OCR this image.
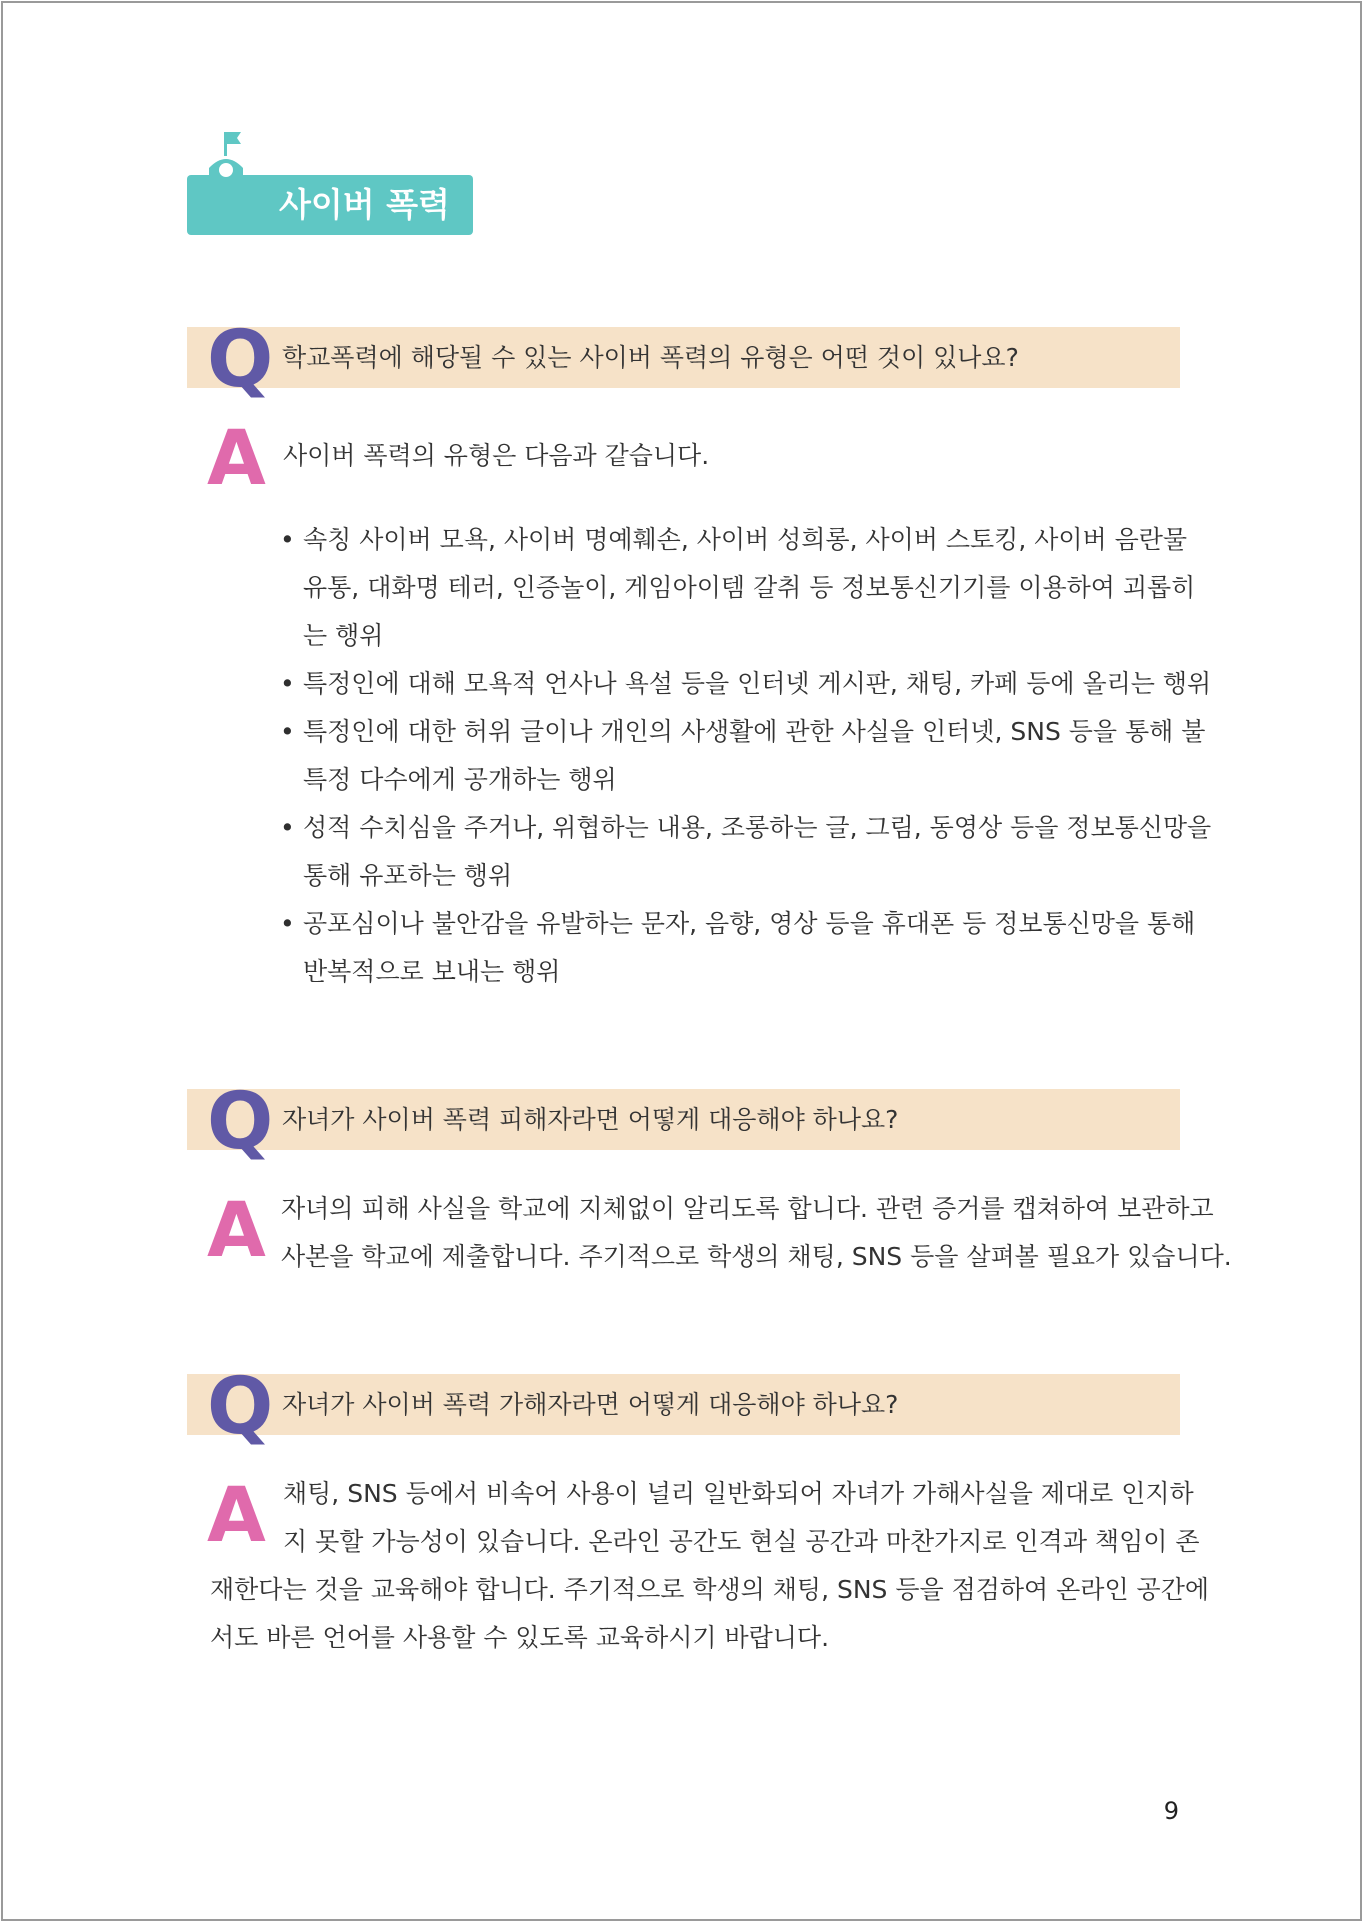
사이버 폭력
Q 학교폭력에 해당될 수 있는 사이버 폭력의 유형은 어떤 것이 있나요?
A 사이버 폭력의 유형은 다음과 같습니다.
• 속칭 사이버 모욕, 사이버 명예훼손, 사이버 성희롱, 사이버 스토킹, 사이버 음란물
유통, 대화명 테러, 인증놀이, 게임아이템 갈취 등 정보통신기기를 이용하여 괴롭히
는 행위
• 특정인에 대해 모욕적 언사나 욕설 등을 인터넷 게시판, 채팅, 카페 등에 올리는 행위
• 특정인에 대한 허위 글이나 개인의 사생활에 관한 사실을 인터넷, SNS 등을 통해 불
특정 다수에게 공개하는 행위
• 성적 수치심을 주거나, 위협하는 내용, 조롱하는 글, 그림, 동영상 등을 정보통신망을
통해 유포하는 행위
• 공포심이나 불안감을 유발하는 문자, 음향, 영상 등을 휴대폰 등 정보통신망을 통해
반복적으로 보내는 행위
Q 자녀가 사이버 폭력 피해자라면 어떻게 대응해야 하나요?
A 자녀의 피해 사실을 학교에 지체없이 알리도록 합니다. 관련 증거를 캡쳐하여 보관하고
사본을 학교에 제출합니다. 주기적으로 학생의 채팅, SNS 등을 살펴볼 필요가 있습니다.
Q 자녀가 사이버 폭력 가해자라면 어떻게 대응해야 하나요?
A 채팅, SNS 등에서 비속어 사용이 널리 일반화되어 자녀가 가해사실을 제대로 인지하
지 못할 가능성이 있습니다. 온라인 공간도 현실 공간과 마찬가지로 인격과 책임이 존
재한다는 것을 교육해야 합니다. 주기적으로 학생의 채팅, SNS 등을 점검하여 온라인 공간에
서도 바른 언어를 사용할 수 있도록 교육하시기 바랍니다.
9
